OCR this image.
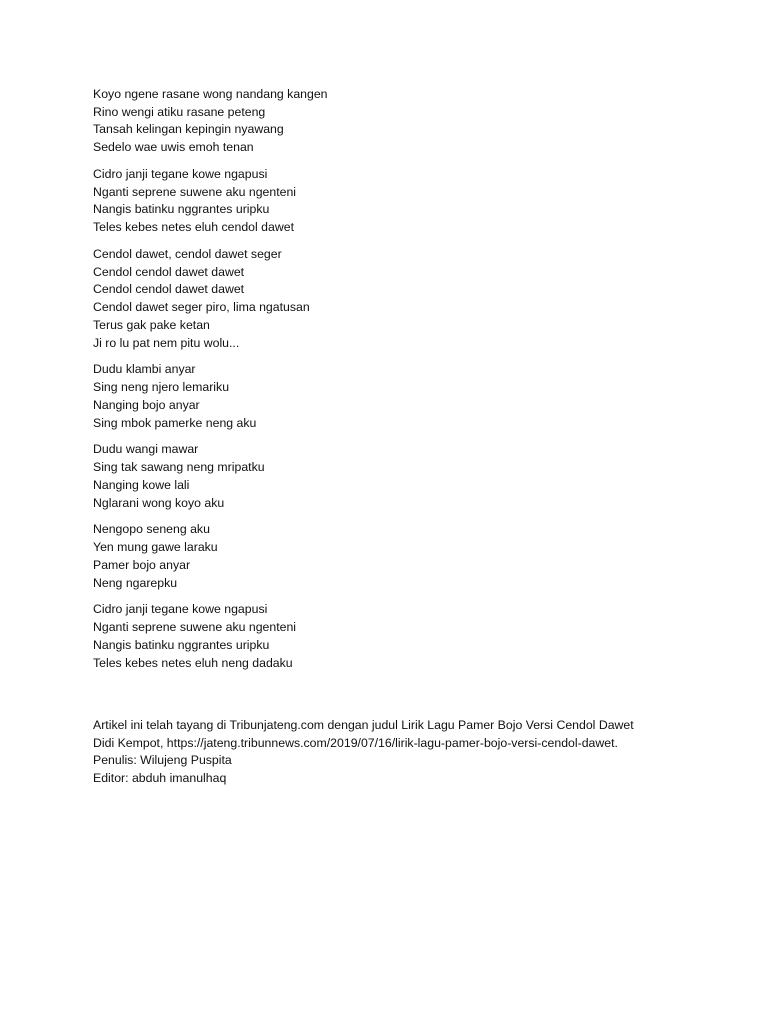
Koyo ngene rasane wong nandang kangen
Rino wengi atiku rasane peteng
Tansah kelingan kepingin nyawang
Sedelo wae uwis emoh tenan
Cidro janji tegane kowe ngapusi
Nganti seprene suwene aku ngenteni
Nangis batinku nggrantes uripku
Teles kebes netes eluh cendol dawet
Cendol dawet, cendol dawet seger
Cendol cendol dawet dawet
Cendol cendol dawet dawet
Cendol dawet seger piro, lima ngatusan
Terus gak pake ketan
Ji ro lu pat nem pitu wolu...
Dudu klambi anyar
Sing neng njero lemariku
Nanging bojo anyar
Sing mbok pamerke neng aku
Dudu wangi mawar
Sing tak sawang neng mripatku
Nanging kowe lali
Nglarani wong koyo aku
Nengopo seneng aku
Yen mung gawe laraku
Pamer bojo anyar
Neng ngarepku
Cidro janji tegane kowe ngapusi
Nganti seprene suwene aku ngenteni
Nangis batinku nggrantes uripku
Teles kebes netes eluh neng dadaku
Artikel ini telah tayang di Tribunjateng.com dengan judul Lirik Lagu Pamer Bojo Versi Cendol Dawet
Didi Kempot, https://jateng.tribunnews.com/2019/07/16/lirik-lagu-pamer-bojo-versi-cendol-dawet.
Penulis: Wilujeng Puspita
Editor: abduh imanulhaq
